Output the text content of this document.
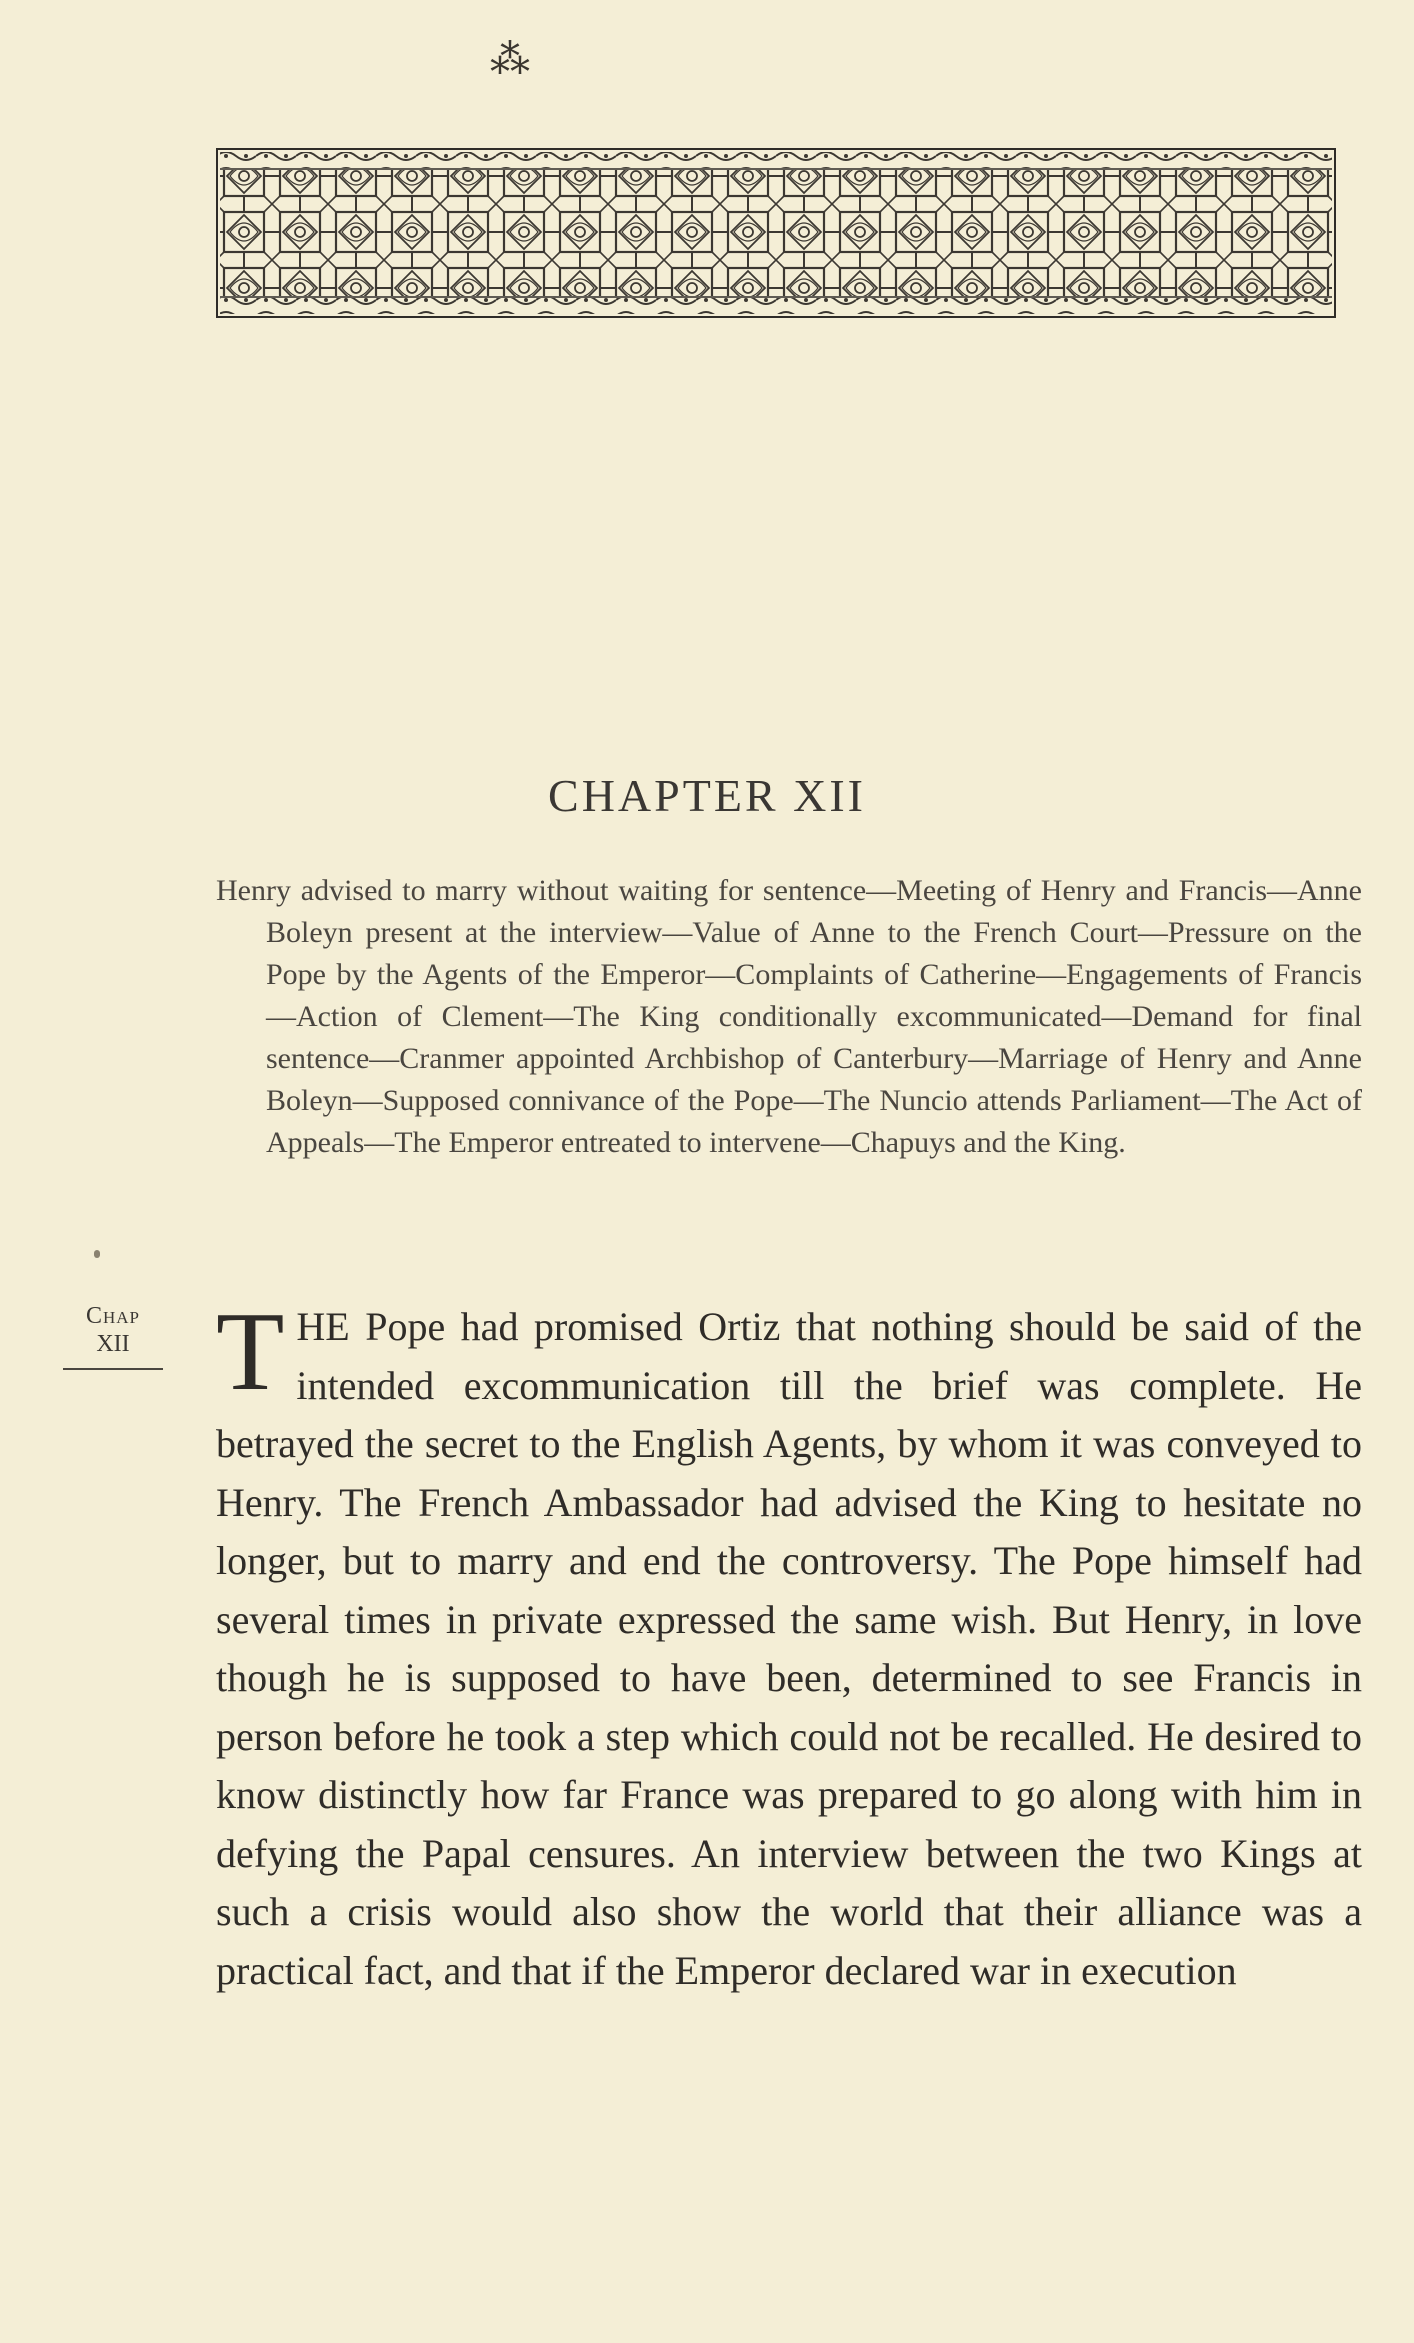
⁂
CHAPTER XII

Henry advised to marry without waiting for sentence—Meeting of Henry and Francis—Anne Boleyn present at the interview—Value of Anne to the French Court—Pressure on the Pope by the Agents of the Emperor—Complaints of Catherine—Engagements of Francis—Action of Clement—The King conditionally excommunicated—Demand for final sentence—Cranmer appointed Archbishop of Canterbury—Marriage of Henry and Anne Boleyn—Supposed connivance of the Pope—The Nuncio attends Parliament—The Act of Appeals—The Emperor entreated to intervene—Chapuys and the King.

Chap
XII THE Pope had promised Ortiz that nothing should be said of the intended excommunication till the brief was complete. He betrayed the secret to the English Agents, by whom it was conveyed to Henry. The French Ambassador had advised the King to hesitate no longer, but to marry and end the controversy. The Pope himself had several times in private expressed the same wish. But Henry, in love though he is supposed to have been, determined to see Francis in person before he took a step which could not be recalled. He desired to know distinctly how far France was prepared to go along with him in defying the Papal censures. An interview between the two Kings at such a crisis would also show the world that their alliance was a practical fact, and that if the Emperor declared war in execution
